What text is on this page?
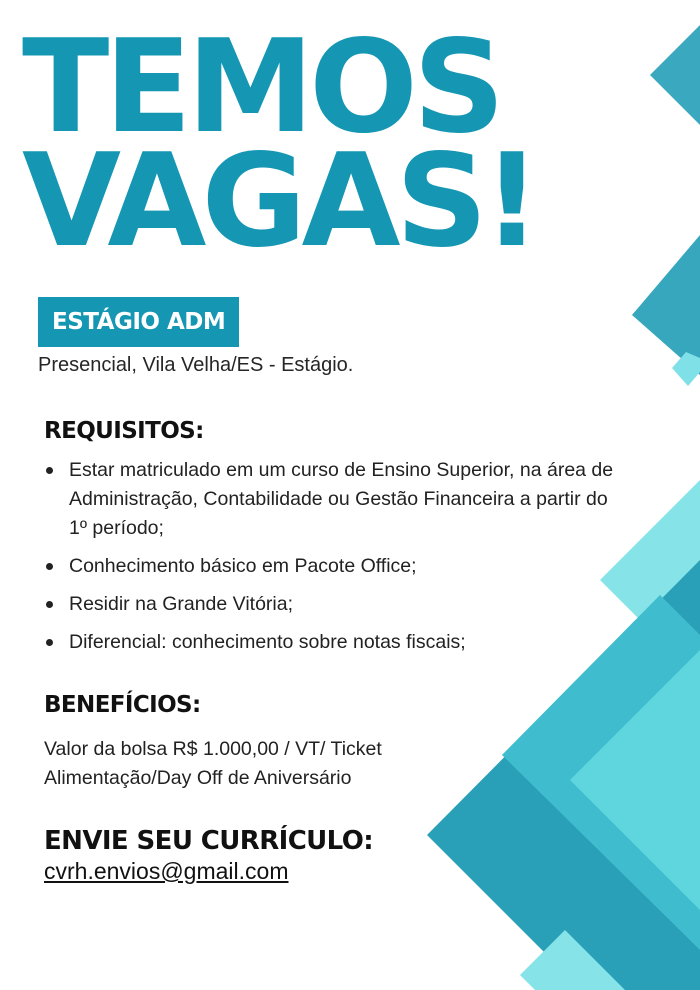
TEMOS
VAGAS!
ESTÁGIO ADM
Presencial, Vila Velha/ES - Estágio.
REQUISITOS:
Estar matriculado em um curso de Ensino Superior, na área de Administração, Contabilidade ou Gestão Financeira a partir do 1º período;
Conhecimento básico em Pacote Office;
Residir na Grande Vitória;
Diferencial: conhecimento sobre notas fiscais;
BENEFÍCIOS:
Valor da bolsa R$ 1.000,00 / VT/ Ticket Alimentação/Day Off de Aniversário
ENVIE SEU CURRÍCULO:
cvrh.envios@gmail.com
